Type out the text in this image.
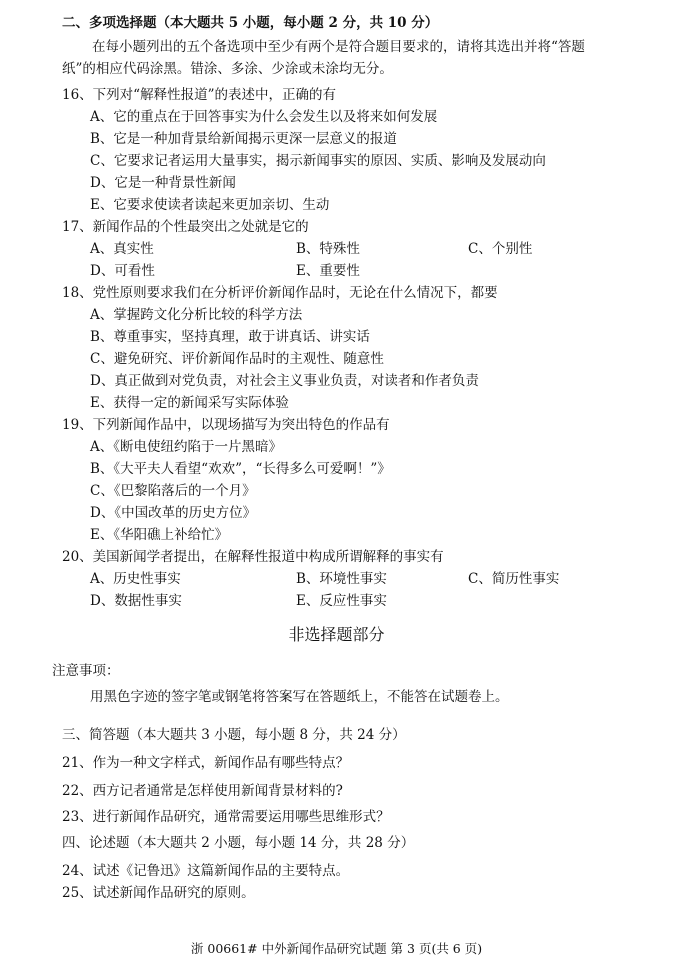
二、多项选择题（本大题共 5 小题，每小题 2 分，共 10 分）
在每小题列出的五个备选项中至少有两个是符合题目要求的，请将其选出并将“答题
纸”的相应代码涂黑。错涂、多涂、少涂或未涂均无分。
16、下列对“解释性报道”的表述中，正确的有
A、它的重点在于回答事实为什么会发生以及将来如何发展
B、它是一种加背景给新闻揭示更深一层意义的报道
C、它要求记者运用大量事实，揭示新闻事实的原因、实质、影响及发展动向
D、它是一种背景性新闻
E、它要求使读者读起来更加亲切、生动
17、新闻作品的个性最突出之处就是它的
A、真实性	B、特殊性	C、个别性
D、可看性	E、重要性
18、党性原则要求我们在分析评价新闻作品时，无论在什么情况下，都要
A、掌握跨文化分析比较的科学方法
B、尊重事实，坚持真理，敢于讲真话、讲实话
C、避免研究、评价新闻作品时的主观性、随意性
D、真正做到对党负责，对社会主义事业负责，对读者和作者负责
E、获得一定的新闻采写实际体验
19、下列新闻作品中，以现场描写为突出特色的作品有
A、《断电使纽约陷于一片黑暗》
B、《大平夫人看望“欢欢”，“长得多么可爱啊！”》
C、《巴黎陷落后的一个月》
D、《中国改革的历史方位》
E、《华阳礁上补给忙》
20、美国新闻学者提出，在解释性报道中构成所谓解释的事实有
A、历史性事实	B、环境性事实	C、简历性事实
D、数据性事实	E、反应性事实
非选择题部分
注意事项：
用黑色字迹的签字笔或钢笔将答案写在答题纸上，不能答在试题卷上。
三、简答题（本大题共 3 小题，每小题 8 分，共 24 分）
21、作为一种文字样式，新闻作品有哪些特点？
22、西方记者通常是怎样使用新闻背景材料的?
23、进行新闻作品研究，通常需要运用哪些思维形式？
四、论述题（本大题共 2 小题，每小题 14 分，共 28 分）
24、试述《记鲁迅》这篇新闻作品的主要特点。
25、试述新闻作品研究的原则。
浙 00661# 中外新闻作品研究试题 第 3 页(共 6 页)
